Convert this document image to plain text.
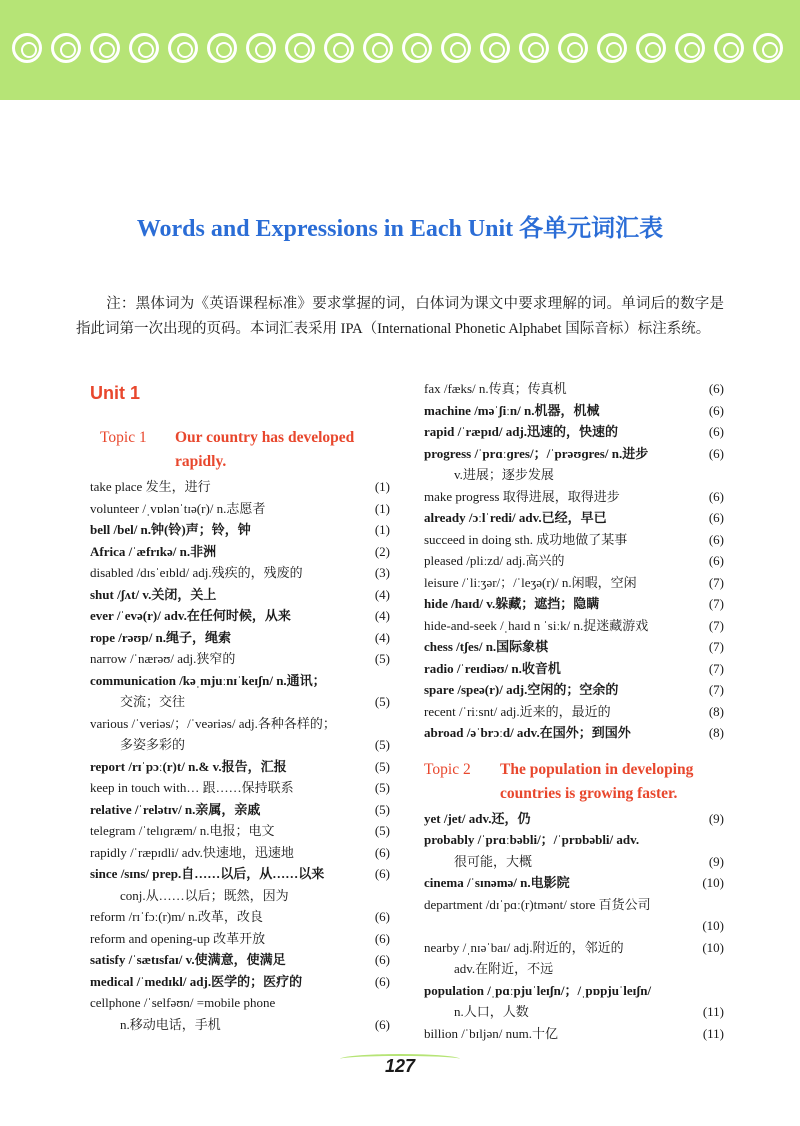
Words and Expressions in Each Unit 各单元词汇表

注：黑体词为《英语课程标准》要求掌握的词，白体词为课文中要求理解的词。单词后的数字是指此词第一次出现的页码。本词汇表采用 IPA（International Phonetic Alphabet 国际音标）标注系统。

Unit 1
Topic 1	Our country has developed rapidly.
take place 发生，进行	(1)
volunteer /ˌvɒlənˈtɪə(r)/ n.志愿者	(1)
bell /bel/ n.钟(铃)声；铃，钟	(1)
Africa /ˈæfrɪkə/ n.非洲	(2)
disabled /dɪsˈeɪbld/ adj.残疾的，残废的	(3)
shut /ʃʌt/ v.关闭，关上	(4)
ever /ˈevə(r)/ adv.在任何时候，从来	(4)
rope /rəʊp/ n.绳子，绳索	(4)
narrow /ˈnærəʊ/ adj.狭窄的	(5)
communication /kəˌmjuːnɪˈkeɪʃn/ n.通讯；
交流；交往	(5)
various /ˈveriəs/；/ˈveəriəs/ adj.各种各样的；
多姿多彩的	(5)
report /rɪˈpɔː(r)t/ n.& v.报告，汇报	(5)
keep in touch with… 跟……保持联系	(5)
relative /ˈrelətɪv/ n.亲属，亲戚	(5)
telegram /ˈtelɪɡræm/ n.电报；电文	(5)
rapidly /ˈræpɪdli/ adv.快速地，迅速地	(6)
since /sɪns/ prep.自……以后，从……以来	(6)
conj.从……以后；既然，因为
reform /rɪˈfɔː(r)m/ n.改革，改良	(6)
reform and opening-up 改革开放	(6)
satisfy /ˈsætɪsfaɪ/ v.使满意，使满足	(6)
medical /ˈmedɪkl/ adj.医学的；医疗的	(6)
cellphone /ˈselfəʊn/ =mobile phone
n.移动电话，手机	(6)
fax /fæks/ n.传真；传真机	(6)
machine /məˈʃiːn/ n.机器，机械	(6)
rapid /ˈræpɪd/ adj.迅速的，快速的	(6)
progress /ˈprɑːɡres/；/ˈprəʊɡres/ n.进步	(6)
v.进展；逐步发展
make progress 取得进展，取得进步	(6)
already /ɔːlˈredi/ adv.已经，早已	(6)
succeed in doing sth. 成功地做了某事	(6)
pleased /pliːzd/ adj.高兴的	(6)
leisure /ˈliːʒər/；/ˈleʒə(r)/ n.闲暇，空闲	(7)
hide /haɪd/ v.躲藏；遮挡；隐瞒	(7)
hide-and-seek /ˌhaɪd n ˈsiːk/ n.捉迷藏游戏	(7)
chess /tʃes/ n.国际象棋	(7)
radio /ˈreɪdiəʊ/ n.收音机	(7)
spare /speə(r)/ adj.空闲的；空余的	(7)
recent /ˈriːsnt/ adj.近来的，最近的	(8)
abroad /əˈbrɔːd/ adv.在国外；到国外	(8)
Topic 2	The population in developing countries is growing faster.
yet /jet/ adv.还，仍	(9)
probably /ˈprɑːbəbli/；/ˈprɒbəbli/ adv.
很可能，大概	(9)
cinema /ˈsɪnəmə/ n.电影院	(10)
department /dɪˈpɑː(r)tmənt/ store 百货公司
(10)
nearby /ˌnɪəˈbaɪ/ adj.附近的，邻近的	(10)
adv.在附近，不远
population /ˌpɑːpjuˈleɪʃn/；/ˌpɒpjuˈleɪʃn/
n.人口，人数	(11)
billion /ˈbɪljən/ num.十亿	(11)
127
